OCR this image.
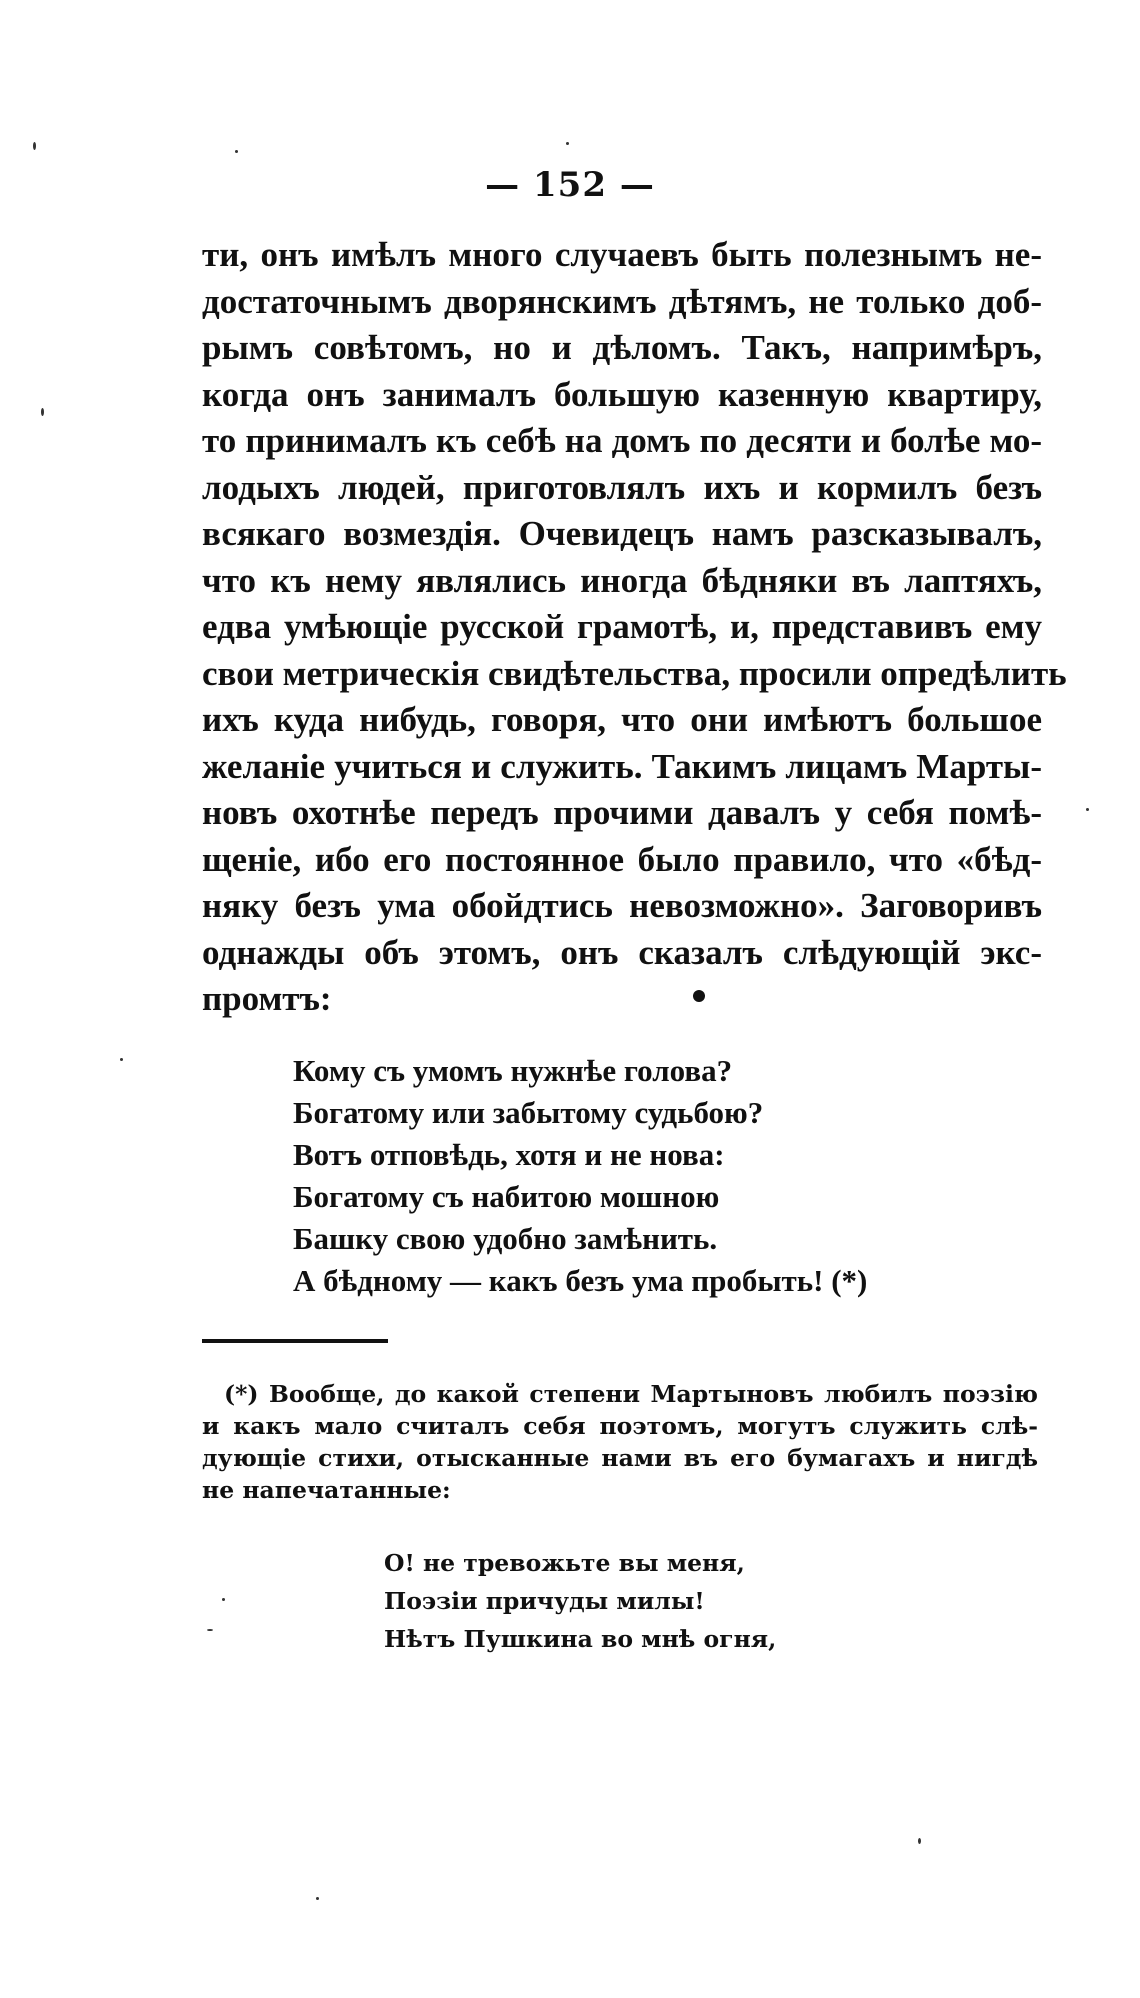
— 152 —
ти, онъ имѣлъ много случаевъ быть полезнымъ не-
достаточнымъ дворянскимъ дѣтямъ, не только доб-
рымъ совѣтомъ, но и дѣломъ. Такъ, напримѣръ,
когда онъ занималъ большую казенную квартиру,
то принималъ къ себѣ на домъ по десяти и болѣе мо-
лодыхъ людей, приготовлялъ ихъ и кормилъ безъ
всякаго возмездія. Очевидецъ намъ разсказывалъ,
что къ нему являлись иногда бѣдняки въ лаптяхъ,
едва умѣющіе русской грамотѣ, и, представивъ ему
свои метрическія свидѣтельства, просили опредѣлить
ихъ куда нибудь, говоря, что они имѣютъ большое
желаніе учиться и служить. Такимъ лицамъ Марты-
новъ охотнѣе передъ прочими давалъ у себя помѣ-
щеніе, ибо его постоянное было правило, что «бѣд-
няку безъ ума обойдтись невозможно». Заговоривъ
однажды объ этомъ, онъ сказалъ слѣдующій экс-
промтъ:
Кому съ умомъ нужнѣе голова?
Богатому или забытому судьбою?
Вотъ отповѣдь, хотя и не нова:
Богатому съ набитою мошною
Башку свою удобно замѣнить.
А бѣдному — какъ безъ ума пробыть! (*)
(*) Вообще, до какой степени Мартыновъ любилъ поэзію
и какъ мало считалъ себя поэтомъ, могутъ служить слѣ-
дующіе стихи, отысканные нами въ его бумагахъ и нигдѣ
не напечатанные:
О! не тревожьте вы меня,
Поэзіи причуды милы!
Нѣтъ Пушкина во мнѣ огня,
